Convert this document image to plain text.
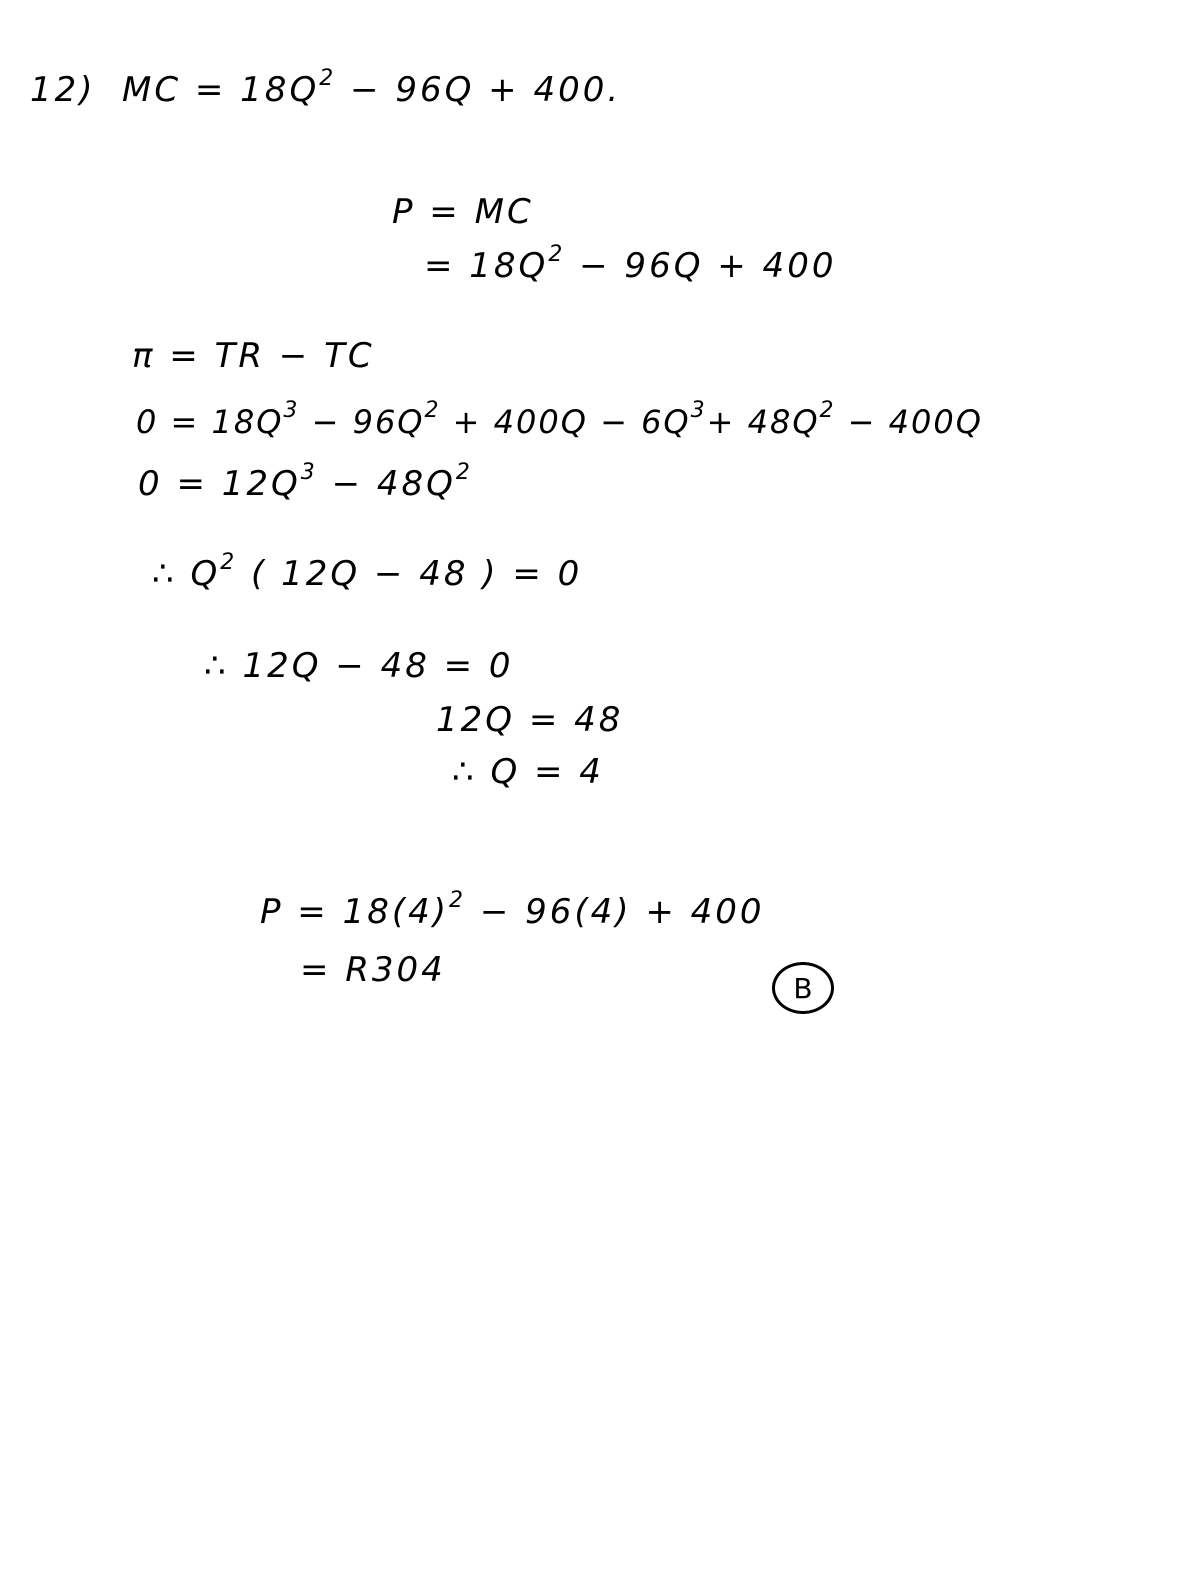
12) MC = $18Q^2 - 96Q + 400$.
P = MC
= $18Q^2 - 96Q + 400$
π = TR − TC
$0 = 18Q^3 - 96Q^2 + 400Q - 6Q^3+ 48Q^2 - 400Q$
$0 = 12Q^3 - 48Q^2$
∴ $Q^2$ ( 12Q − 48 ) = 0
∴ 12Q − 48 = 0
12Q = 48
∴ Q = 4
$P = 18(4)^2 - 96(4) + 400$
= R304	B
